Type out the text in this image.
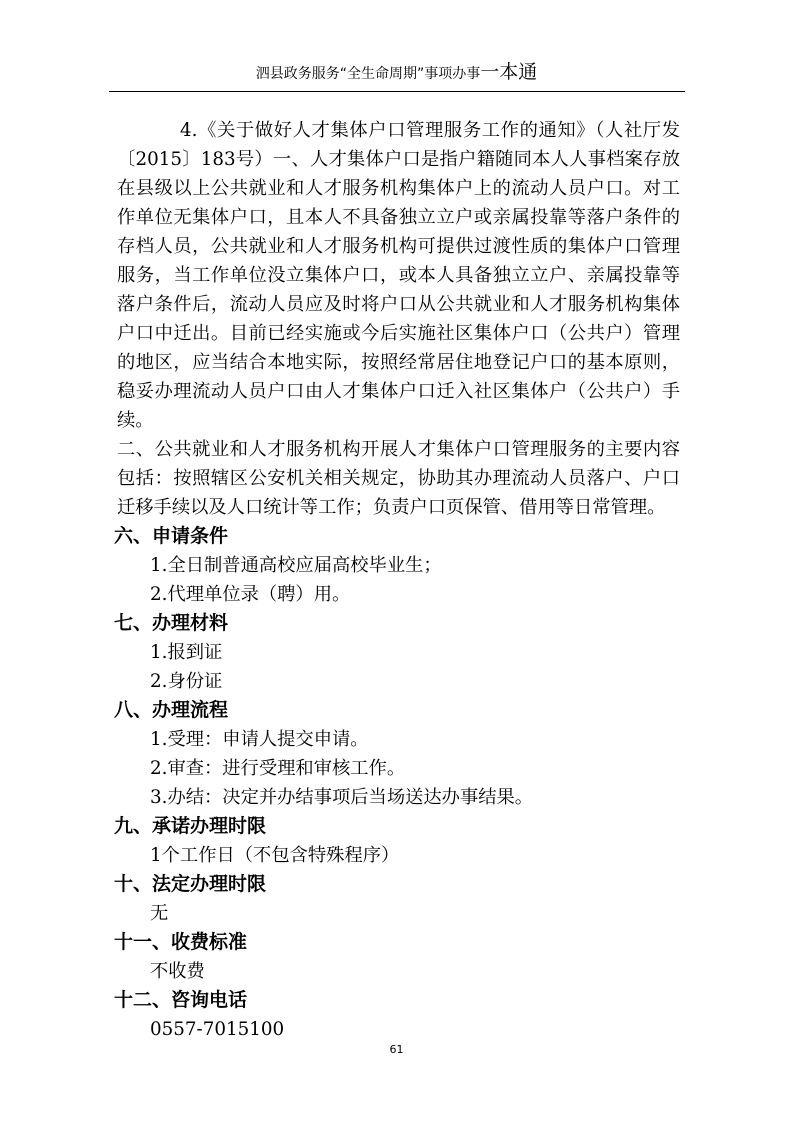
泗县政务服务“全生命周期”事项办事一本通

4.《关于做好人才集体户口管理服务工作的通知》（人社厅发〔2015〕183号）一、人才集体户口是指户籍随同本人人事档案存放在县级以上公共就业和人才服务机构集体户上的流动人员户口。对工作单位无集体户口，且本人不具备独立立户或亲属投靠等落户条件的存档人员，公共就业和人才服务机构可提供过渡性质的集体户口管理服务，当工作单位没立集体户口，或本人具备独立立户、亲属投靠等落户条件后，流动人员应及时将户口从公共就业和人才服务机构集体户口中迁出。目前已经实施或今后实施社区集体户口（公共户）管理的地区，应当结合本地实际，按照经常居住地登记户口的基本原则，稳妥办理流动人员户口由人才集体户口迁入社区集体户（公共户）手续。

二、公共就业和人才服务机构开展人才集体户口管理服务的主要内容包括：按照辖区公安机关相关规定，协助其办理流动人员落户、户口迁移手续以及人口统计等工作；负责户口页保管、借用等日常管理。

六、申请条件
1.全日制普通高校应届高校毕业生；
2.代理单位录（聘）用。
七、办理材料
1.报到证
2.身份证
八、办理流程
1.受理：申请人提交申请。
2.审查：进行受理和审核工作。
3.办结：决定并办结事项后当场送达办事结果。
九、承诺办理时限
1个工作日（不包含特殊程序）
十、法定办理时限
无
十一、收费标准
不收费
十二、咨询电话
0557-7015100
61
